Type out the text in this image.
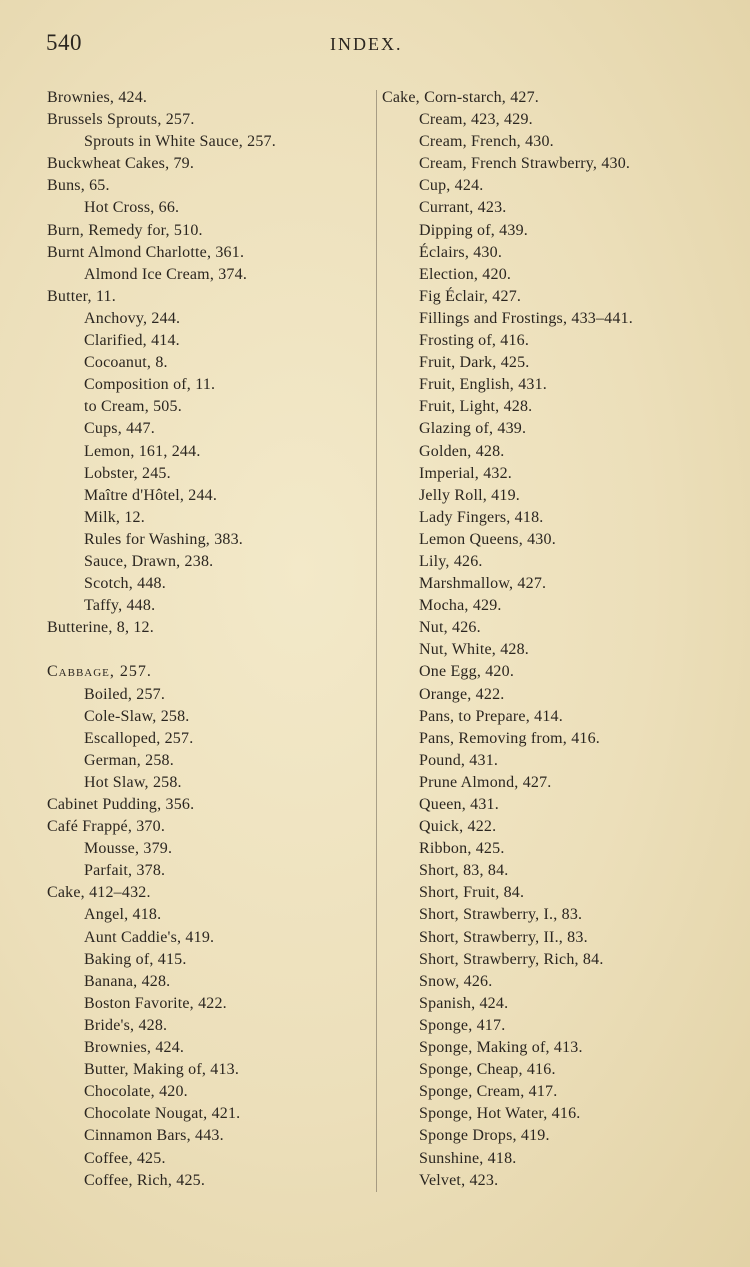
540	INDEX.
Brownies, 424.
Brussels Sprouts, 257.
Sprouts in White Sauce, 257.
Buckwheat Cakes, 79.
Buns, 65.
Hot Cross, 66.
Burn, Remedy for, 510.
Burnt Almond Charlotte, 361.
Almond Ice Cream, 374.
Butter, 11.
Anchovy, 244.
Clarified, 414.
Cocoanut, 8.
Composition of, 11.
to Cream, 505.
Cups, 447.
Lemon, 161, 244.
Lobster, 245.
Maître d'Hôtel, 244.
Milk, 12.
Rules for Washing, 383.
Sauce, Drawn, 238.
Scotch, 448.
Taffy, 448.
Butterine, 8, 12.
Cabbage, 257.
Boiled, 257.
Cole-Slaw, 258.
Escalloped, 257.
German, 258.
Hot Slaw, 258.
Cabinet Pudding, 356.
Café Frappé, 370.
Mousse, 379.
Parfait, 378.
Cake, 412–432.
Angel, 418.
Aunt Caddie's, 419.
Baking of, 415.
Banana, 428.
Boston Favorite, 422.
Bride's, 428.
Brownies, 424.
Butter, Making of, 413.
Chocolate, 420.
Chocolate Nougat, 421.
Cinnamon Bars, 443.
Coffee, 425.
Coffee, Rich, 425.
Cake, Corn-starch, 427.
Cream, 423, 429.
Cream, French, 430.
Cream, French Strawberry, 430.
Cup, 424.
Currant, 423.
Dipping of, 439.
Éclairs, 430.
Election, 420.
Fig Éclair, 427.
Fillings and Frostings, 433–441.
Frosting of, 416.
Fruit, Dark, 425.
Fruit, English, 431.
Fruit, Light, 428.
Glazing of, 439.
Golden, 428.
Imperial, 432.
Jelly Roll, 419.
Lady Fingers, 418.
Lemon Queens, 430.
Lily, 426.
Marshmallow, 427.
Mocha, 429.
Nut, 426.
Nut, White, 428.
One Egg, 420.
Orange, 422.
Pans, to Prepare, 414.
Pans, Removing from, 416.
Pound, 431.
Prune Almond, 427.
Queen, 431.
Quick, 422.
Ribbon, 425.
Short, 83, 84.
Short, Fruit, 84.
Short, Strawberry, I., 83.
Short, Strawberry, II., 83.
Short, Strawberry, Rich, 84.
Snow, 426.
Spanish, 424.
Sponge, 417.
Sponge, Making of, 413.
Sponge, Cheap, 416.
Sponge, Cream, 417.
Sponge, Hot Water, 416.
Sponge Drops, 419.
Sunshine, 418.
Velvet, 423.
